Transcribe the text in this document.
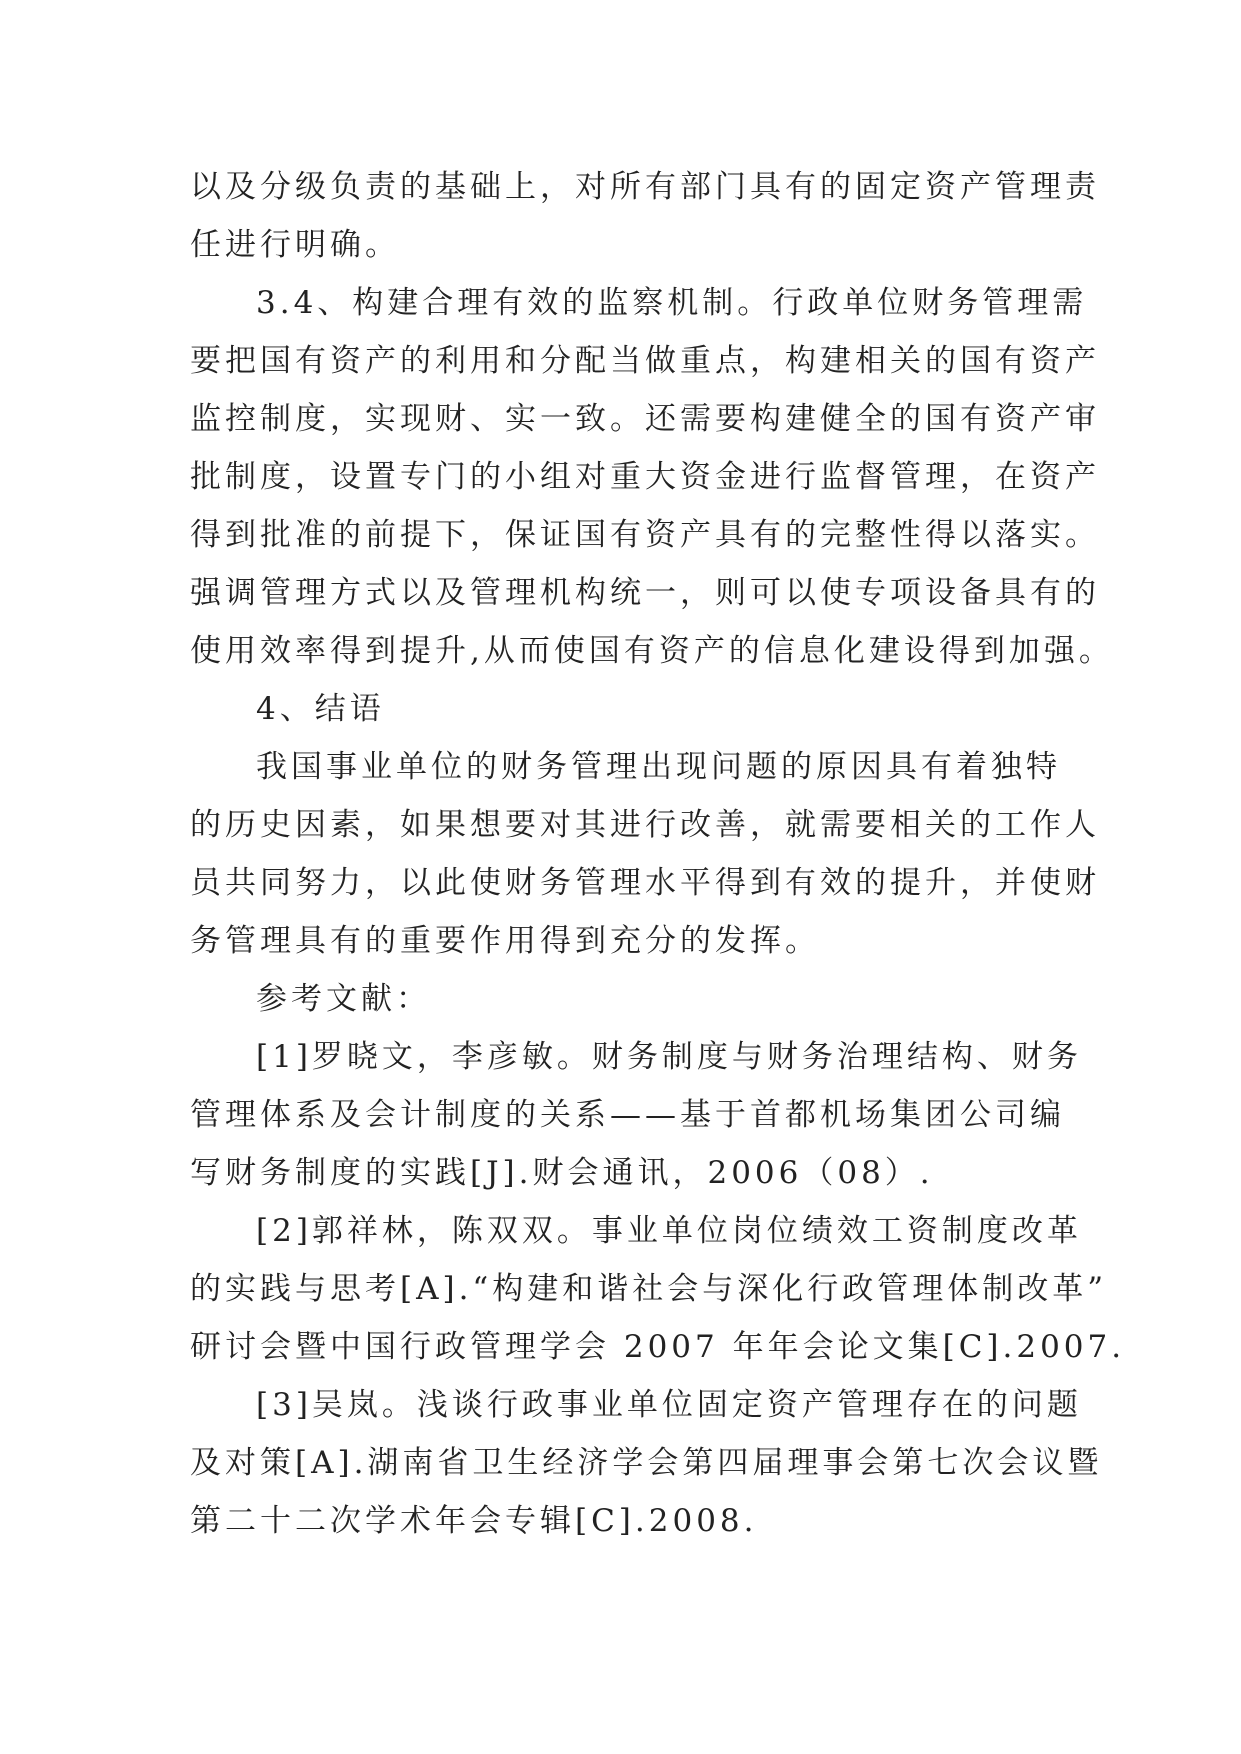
以及分级负责的基础上，对所有部门具有的固定资产管理责
任进行明确。
3.4、构建合理有效的监察机制。行政单位财务管理需
要把国有资产的利用和分配当做重点，构建相关的国有资产
监控制度，实现财、实一致。还需要构建健全的国有资产审
批制度，设置专门的小组对重大资金进行监督管理，在资产
得到批准的前提下，保证国有资产具有的完整性得以落实。
强调管理方式以及管理机构统一，则可以使专项设备具有的
使用效率得到提升,从而使国有资产的信息化建设得到加强。
4、结语
我国事业单位的财务管理出现问题的原因具有着独特
的历史因素，如果想要对其进行改善，就需要相关的工作人
员共同努力，以此使财务管理水平得到有效的提升，并使财
务管理具有的重要作用得到充分的发挥。
参考文献：
[1]罗晓文，李彦敏。财务制度与财务治理结构、财务
管理体系及会计制度的关系——基于首都机场集团公司编
写财务制度的实践[J].财会通讯，2006（08）.
[2]郭祥林，陈双双。事业单位岗位绩效工资制度改革
的实践与思考[A].“构建和谐社会与深化行政管理体制改革”
研讨会暨中国行政管理学会 2007 年年会论文集[C].2007.
[3]吴岚。浅谈行政事业单位固定资产管理存在的问题
及对策[A].湖南省卫生经济学会第四届理事会第七次会议暨
第二十二次学术年会专辑[C].2008.
